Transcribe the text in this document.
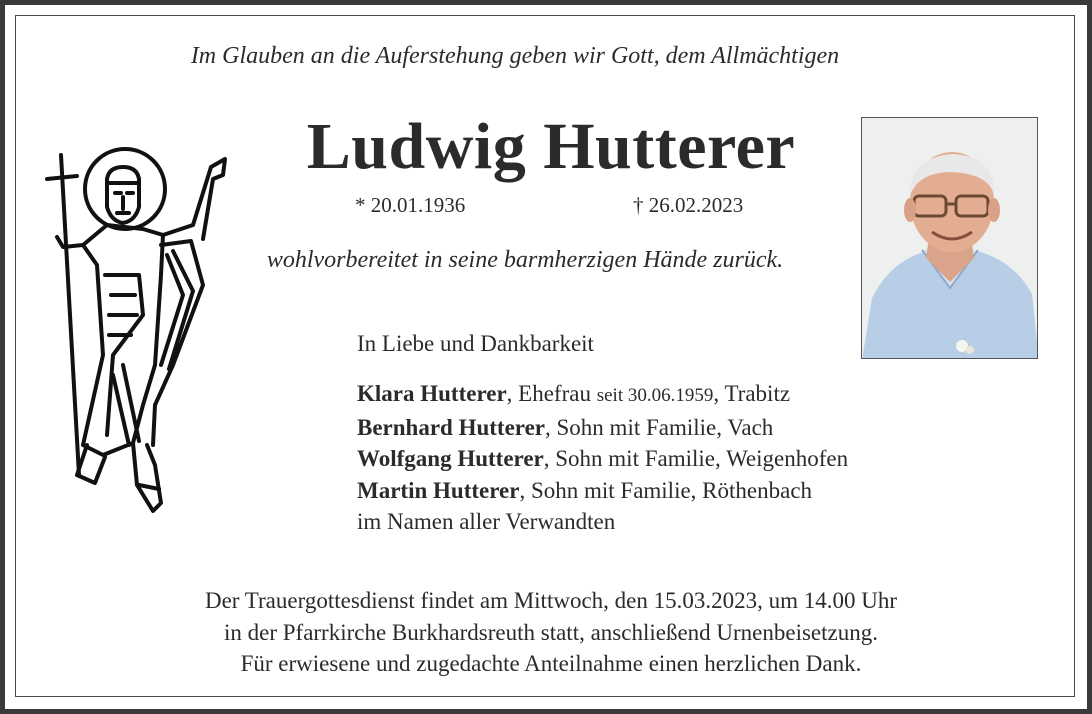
Im Glauben an die Auferstehung geben wir Gott, dem Allmächtigen
Ludwig Hutterer
* 20.01.1936	† 26.02.2023
wohlvorbereitet in seine barmherzigen Hände zurück.
In Liebe und Dankbarkeit
Klara Hutterer, Ehefrau seit 30.06.1959, Trabitz
Bernhard Hutterer, Sohn mit Familie, Vach
Wolfgang Hutterer, Sohn mit Familie, Weigenhofen
Martin Hutterer, Sohn mit Familie, Röthenbach
im Namen aller Verwandten
Der Trauergottesdienst findet am Mittwoch, den 15.03.2023, um 14.00 Uhr
in der Pfarrkirche Burkhardsreuth statt, anschließend Urnenbeisetzung.
Für erwiesene und zugedachte Anteilnahme einen herzlichen Dank.
